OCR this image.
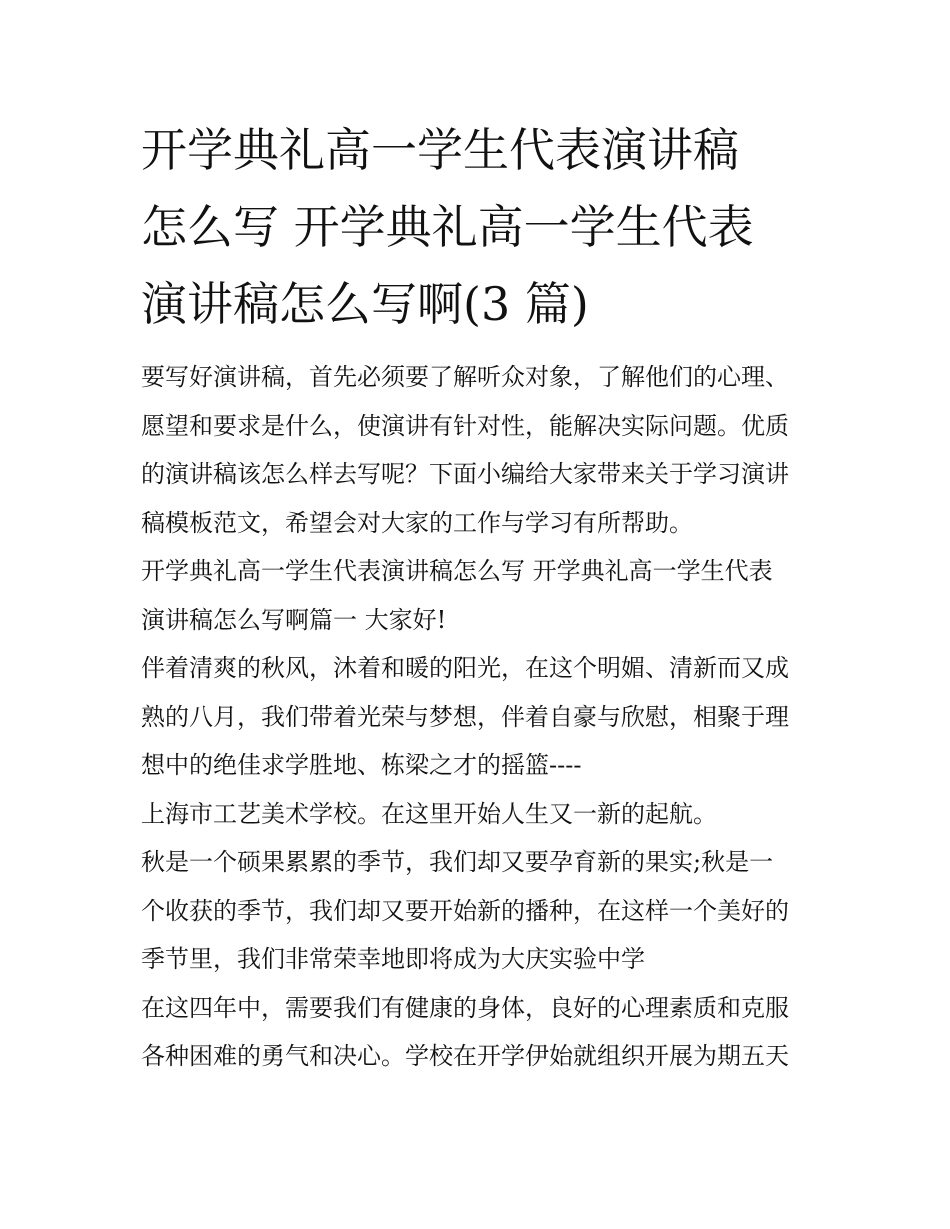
开学典礼高一学生代表演讲稿
怎么写 开学典礼高一学生代表
演讲稿怎么写啊(3 篇)

要写好演讲稿，首先必须要了解听众对象，了解他们的心理、
愿望和要求是什么，使演讲有针对性，能解决实际问题。优质
的演讲稿该怎么样去写呢？下面小编给大家带来关于学习演讲
稿模板范文，希望会对大家的工作与学习有所帮助。

开学典礼高一学生代表演讲稿怎么写 开学典礼高一学生代表
演讲稿怎么写啊篇一 大家好!

伴着清爽的秋风，沐着和暖的阳光，在这个明媚、清新而又成
熟的八月，我们带着光荣与梦想，伴着自豪与欣慰，相聚于理
想中的绝佳求学胜地、栋梁之才的摇篮----

上海市工艺美术学校。在这里开始人生又一新的起航。

秋是一个硕果累累的季节，我们却又要孕育新的果实;秋是一
个收获的季节，我们却又要开始新的播种，在这样一个美好的
季节里，我们非常荣幸地即将成为大庆实验中学

在这四年中，需要我们有健康的身体，良好的心理素质和克服
各种困难的勇气和决心。学校在开学伊始就组织开展为期五天
